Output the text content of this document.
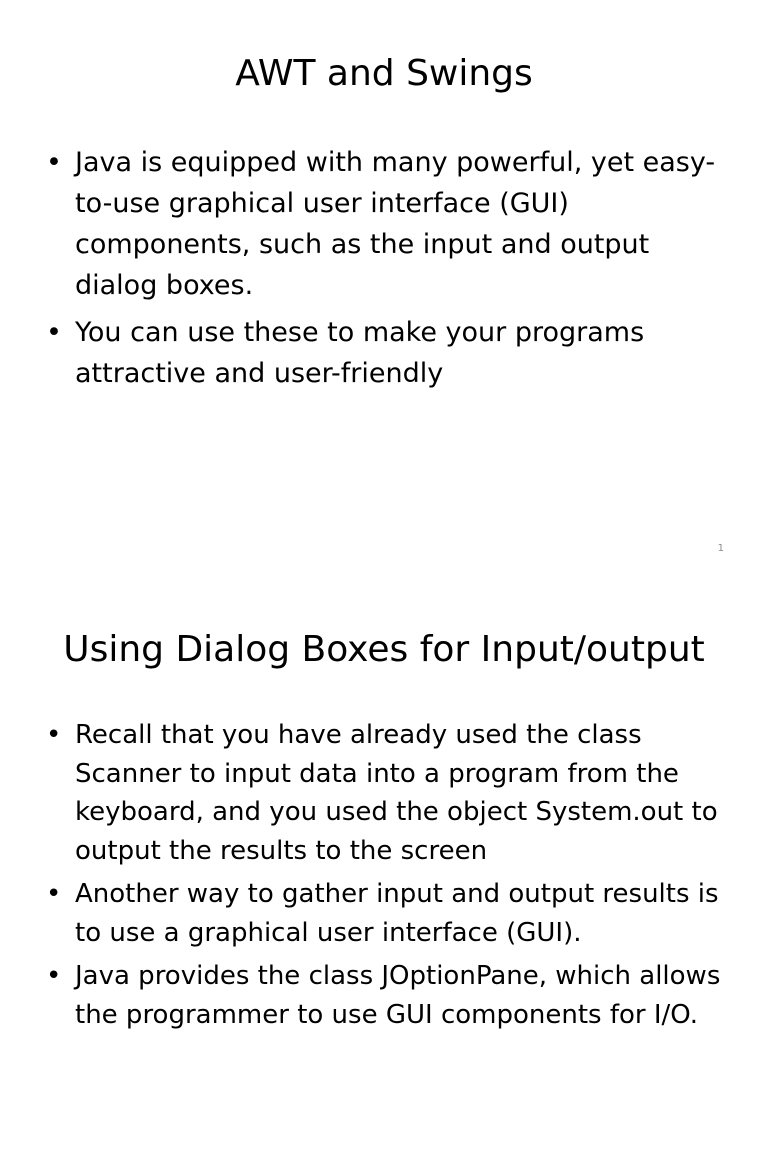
AWT and Swings
• Java is equipped with many powerful, yet easy-to-use graphical user interface (GUI) components, such as the input and output dialog boxes.
• You can use these to make your programs attractive and user-friendly
1
Using Dialog Boxes for Input/output
• Recall that you have already used the class Scanner to input data into a program from the keyboard, and you used the object System.out to output the results to the screen
• Another way to gather input and output results is to use a graphical user interface (GUI).
• Java provides the class JOptionPane, which allows the programmer to use GUI components for I/O.
